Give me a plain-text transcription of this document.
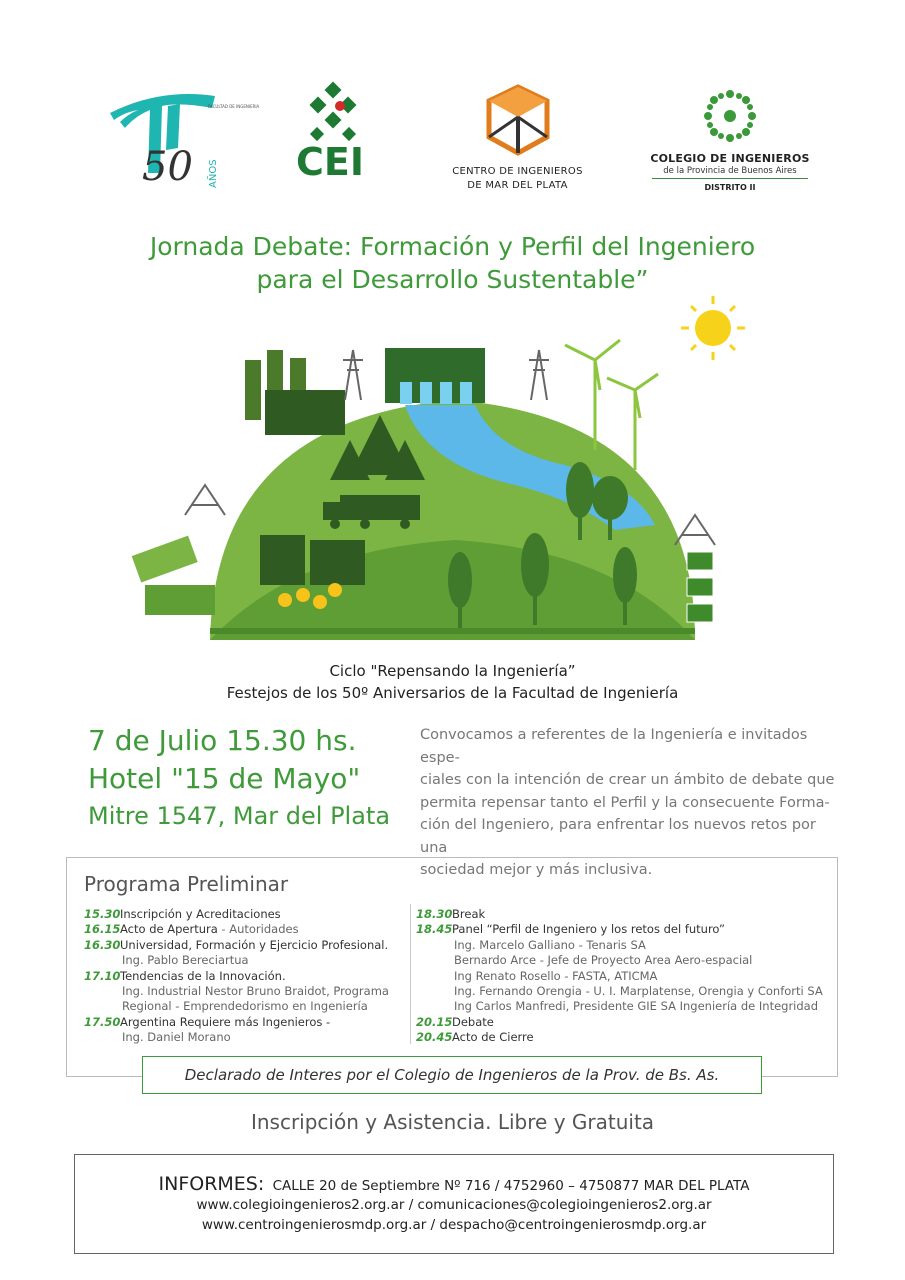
FACULTAD DE INGENIERIA
50 AÑOS CEI	CENTRO DE INGENIEROS
DE MAR DEL PLATA
COLEGIO DE INGENIEROS
de la Provincia de Buenos Aires
DISTRITO II
Jornada Debate: Formación y Perfil del Ingeniero
para el Desarrollo Sustentable”
Ciclo "Repensando la Ingeniería”
Festejos de los 50º Aniversarios de la Facultad de Ingeniería
7 de Julio 15.30 hs.
Hotel "15 de Mayo"
Mitre 1547, Mar del Plata
Convocamos a referentes de la Ingeniería e invitados espe-
ciales con la intención de crear un ámbito de debate que
permita repensar tanto el Perfil y la consecuente Forma-
ción del Ingeniero, para enfrentar los nuevos retos por una
sociedad mejor y más inclusiva.
Programa Preliminar
15.30Inscripción y Acreditaciones
16.15Acto de Apertura - Autoridades
16.30Universidad, Formación y Ejercicio Profesional.
Ing. Pablo Bereciartua
17.10Tendencias de la Innovación.
Ing. Industrial Nestor Bruno Braidot, Programa
Regional - Emprendedorismo en Ingeniería
17.50Argentina Requiere más Ingenieros -
Ing. Daniel Morano
18.30Break
18.45Panel “Perfil de Ingeniero y los retos del futuro”
Ing. Marcelo Galliano - Tenaris SA
Bernardo Arce - Jefe de Proyecto Area Aero-espacial
Ing Renato Rosello - FASTA, ATICMA
Ing. Fernando Orengia - U. I. Marplatense, Orengia y Conforti SA
Ing Carlos Manfredi, Presidente GIE SA Ingeniería de Integridad
20.15Debate
20.45Acto de Cierre
Declarado de Interes por el Colegio de Ingenieros de la Prov. de Bs. As.
Inscripción y Asistencia. Libre y Gratuita
INFORMES: CALLE 20 de Septiembre Nº 716 / 4752960 – 4750877 MAR DEL PLATA
www.colegioingenieros2.org.ar / comunicaciones@colegioingenieros2.org.ar
www.centroingenierosmdp.org.ar / despacho@centroingenierosmdp.org.ar
